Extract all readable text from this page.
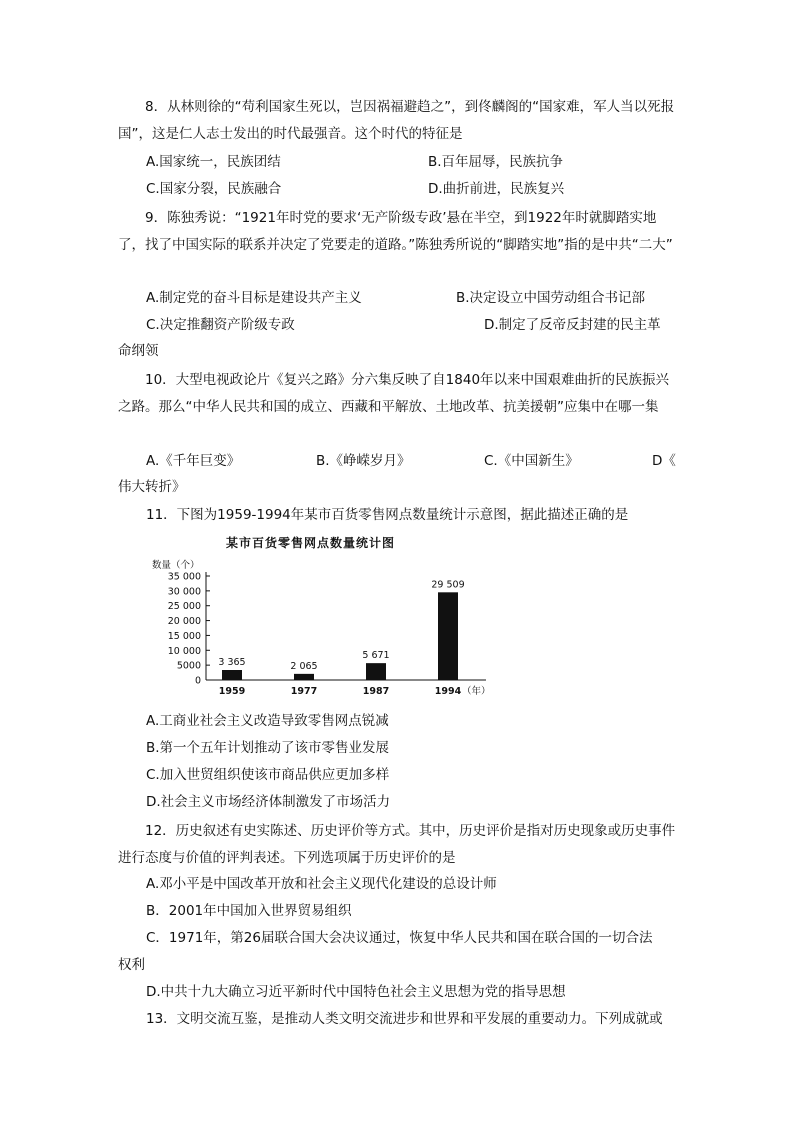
8．从林则徐的“苟利国家生死以，岂因祸福避趋之”，到佟麟阁的“国家难，军人当以死报国”，这是仁人志士发出的时代最强音。这个时代的特征是

A.国家统一，民族团结	B.百年屈辱，民族抗争
C.国家分裂，民族融合	D.曲折前进，民族复兴

9．陈独秀说：“1921年时党的要求‘无产阶级专政’悬在半空，到1922年时就脚踏实地了，找了中国实际的联系并决定了党要走的道路。”陈独秀所说的“脚踏实地”指的是中共“二大”

A.制定党的奋斗目标是建设共产主义	B.决定设立中国劳动组合书记部
C.决定推翻资产阶级专政	D.制定了反帝反封建的民主革
命纲领

10．大型电视政论片《复兴之路》分六集反映了自1840年以来中国艰难曲折的民族振兴之路。那么“中华人民共和国的成立、西藏和平解放、土地改革、抗美援朝”应集中在哪一集

A.《千年巨变》	B.《峥嵘岁月》	C.《中国新生》	D《
伟大转折》
11．下图为1959-1994年某市百货零售网点数量统计示意图，据此描述正确的是
某市百货零售网点数量统计图
数量（个）
0
5000
10 000
15 000
20 000
25 000
30 000
35 000
3 365
1959
2 065
1977
5 671
1987
29 509
1994 （年）
A.工商业社会主义改造导致零售网点锐减
B.第一个五年计划推动了该市零售业发展
C.加入世贸组织使该市商品供应更加多样
D.社会主义市场经济体制激发了市场活力

12．历史叙述有史实陈述、历史评价等方式。其中，历史评价是指对历史现象或历史事件进行态度与价值的评判表述。下列选项属于历史评价的是

A.邓小平是中国改革开放和社会主义现代化建设的总设计师
B．2001年中国加入世界贸易组织
C．1971年，第26届联合国大会决议通过，恢复中华人民共和国在联合国的一切合法
权利
D.中共十九大确立习近平新时代中国特色社会主义思想为党的指导思想
13．文明交流互鉴，是推动人类文明交流进步和世界和平发展的重要动力。下列成就或
